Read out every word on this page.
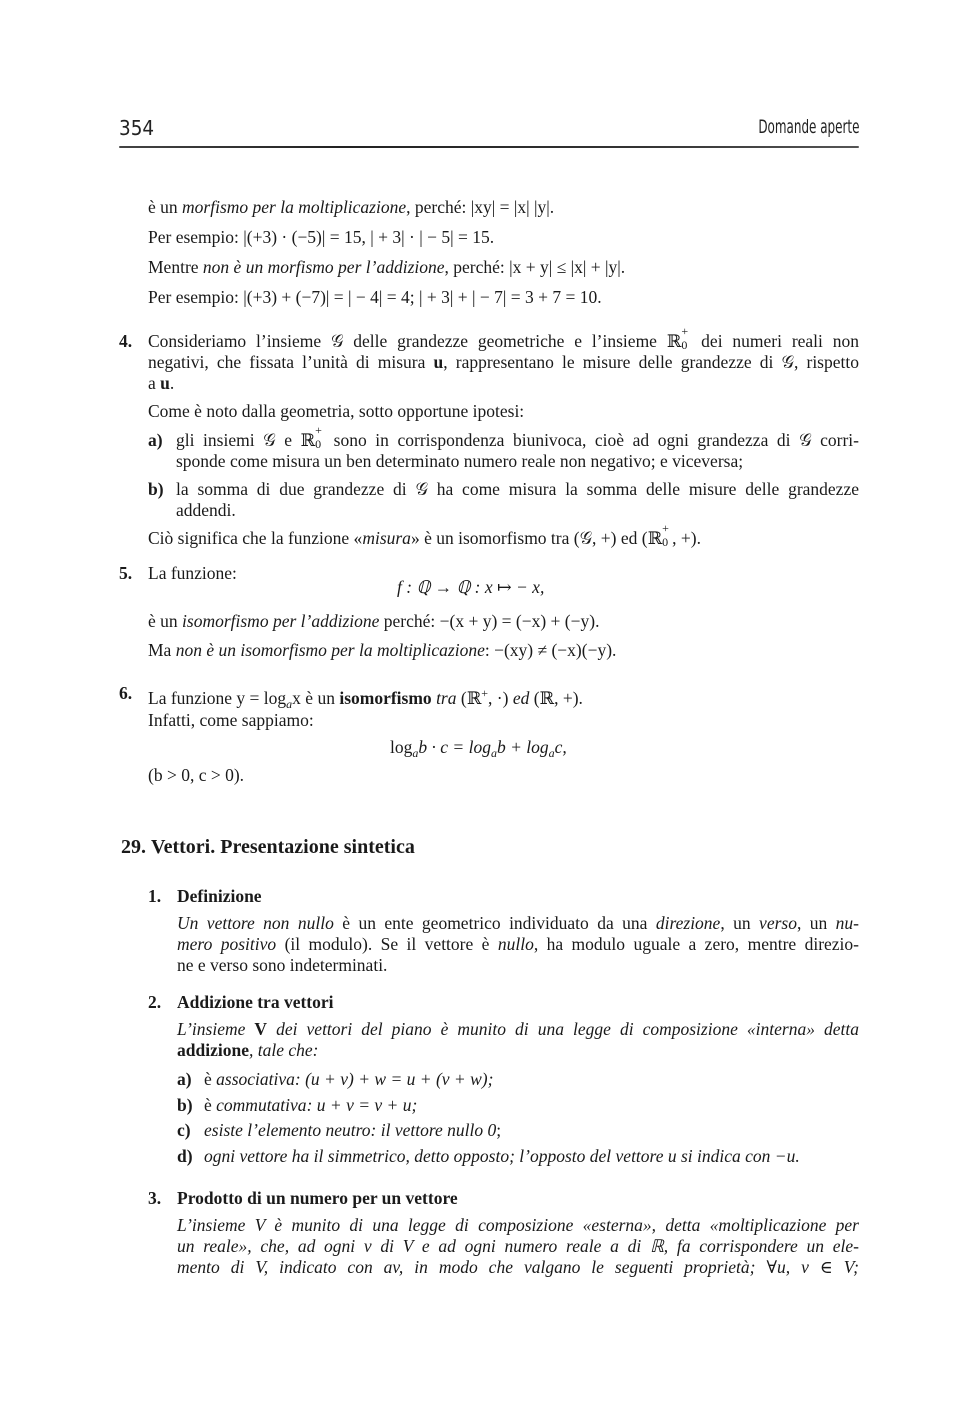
354	Domande aperte
è un morfismo per la moltiplicazione, perché: |xy| = |x| |y|.
Per esempio: |(+3) · (−5)| = 15, | + 3| · | − 5| = 15.
Mentre non è un morfismo per l’addizione, perché: |x + y| ≤ |x| + |y|.
Per esempio: |(+3) + (−7)| = | − 4| = 4; | + 3| + | − 7| = 3 + 7 = 10.
4. Consideriamo l’insieme 𝒢 delle grandezze geometriche e l’insieme ℝ +
0 dei numeri reali non
negativi, che fissata l’unità di misura u, rappresentano le misure delle grandezze di 𝒢, rispetto
a u.
Come è noto dalla geometria, sotto opportune ipotesi:
a) gli insiemi 𝒢 e ℝ +
0 sono in corrispondenza biunivoca, cioè ad ogni grandezza di 𝒢 corri-
sponde come misura un ben determinato numero reale non negativo; e viceversa;
b) la somma di due grandezze di 𝒢 ha come misura la somma delle misure delle grandezze
addendi.
Ciò significa che la funzione «misura» è un isomorfismo tra (𝒢, +) ed (ℝ +
0 , +).
5. La funzione:
f : ℚ → ℚ : x ↦ − x,
è un isomorfismo per l’addizione perché: −(x + y) = (−x) + (−y).
Ma non è un isomorfismo per la moltiplicazione: −(xy) ≠ (−x)(−y).
6. La funzione $y = \log_ax$ è un isomorfismo tra (ℝ+, ·) ed (ℝ, +).
Infatti, come sappiamo:
$\log_ab \cdot c = \log_ab + \log_ac$,
(b > 0, c > 0).
29. Vettori. Presentazione sintetica
1. Definizione
Un vettore non nullo è un ente geometrico individuato da una direzione, un verso, un nu-
mero positivo (il modulo). Se il vettore è nullo, ha modulo uguale a zero, mentre direzio-
ne e verso sono indeterminati.
2. Addizione tra vettori
L’insieme V dei vettori del piano è munito di una legge di composizione «interna» detta
addizione, tale che:
a) è associativa: (u + v) + w = u + (v + w);
b) è commutativa: u + v = v + u;
c) esiste l’elemento neutro: il vettore nullo 0;
d) ogni vettore ha il simmetrico, detto opposto; l’opposto del vettore u si indica con −u.
3. Prodotto di un numero per un vettore
L’insieme V è munito di una legge di composizione «esterna», detta «moltiplicazione per
un reale», che, ad ogni v di V e ad ogni numero reale a di ℝ, fa corrispondere un ele-
mento di V, indicato con av, in modo che valgano le seguenti proprietà; ∀u, v ∈ V;
